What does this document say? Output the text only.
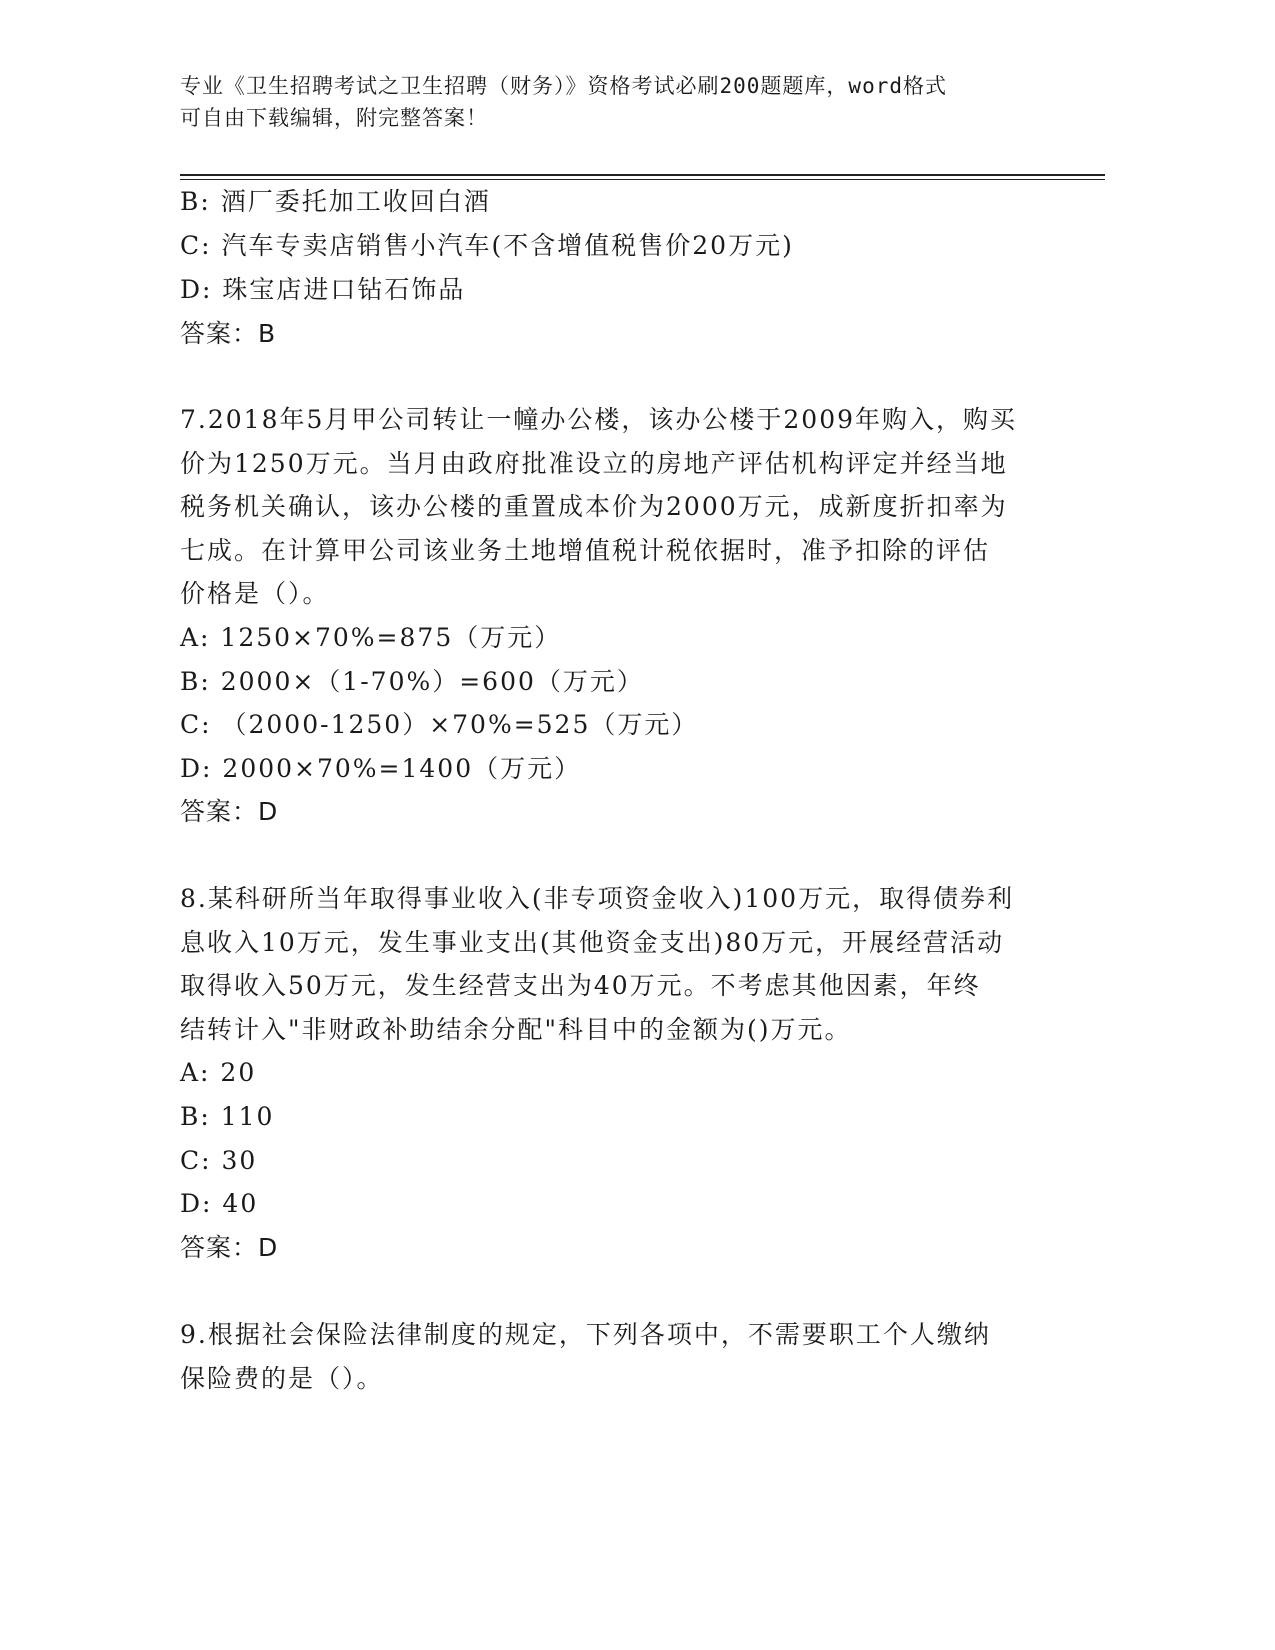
专业《卫生招聘考试之卫生招聘（财务）》资格考试必刷200题题库，word格式
可自由下载编辑，附完整答案！
B: 酒厂委托加工收回白酒
C: 汽车专卖店销售小汽车(不含增值税售价20万元)
D: 珠宝店进口钻石饰品
答案：B
7.2018年5月甲公司转让一幢办公楼，该办公楼于2009年购入，购买
价为1250万元。当月由政府批准设立的房地产评估机构评定并经当地
税务机关确认，该办公楼的重置成本价为2000万元，成新度折扣率为
七成。在计算甲公司该业务土地增值税计税依据时，准予扣除的评估
价格是（）。
A: 1250×70%=875（万元）
B: 2000×（1-70%）=600（万元）
C: （2000-1250）×70%=525（万元）
D: 2000×70%=1400（万元）
答案：D
8.某科研所当年取得事业收入(非专项资金收入)100万元，取得债券利
息收入10万元，发生事业支出(其他资金支出)80万元，开展经营活动
取得收入50万元，发生经营支出为40万元。不考虑其他因素，年终
结转计入"非财政补助结余分配"科目中的金额为()万元。
A: 20
B: 110
C: 30
D: 40
答案：D
9.根据社会保险法律制度的规定，下列各项中，不需要职工个人缴纳
保险费的是（）。
